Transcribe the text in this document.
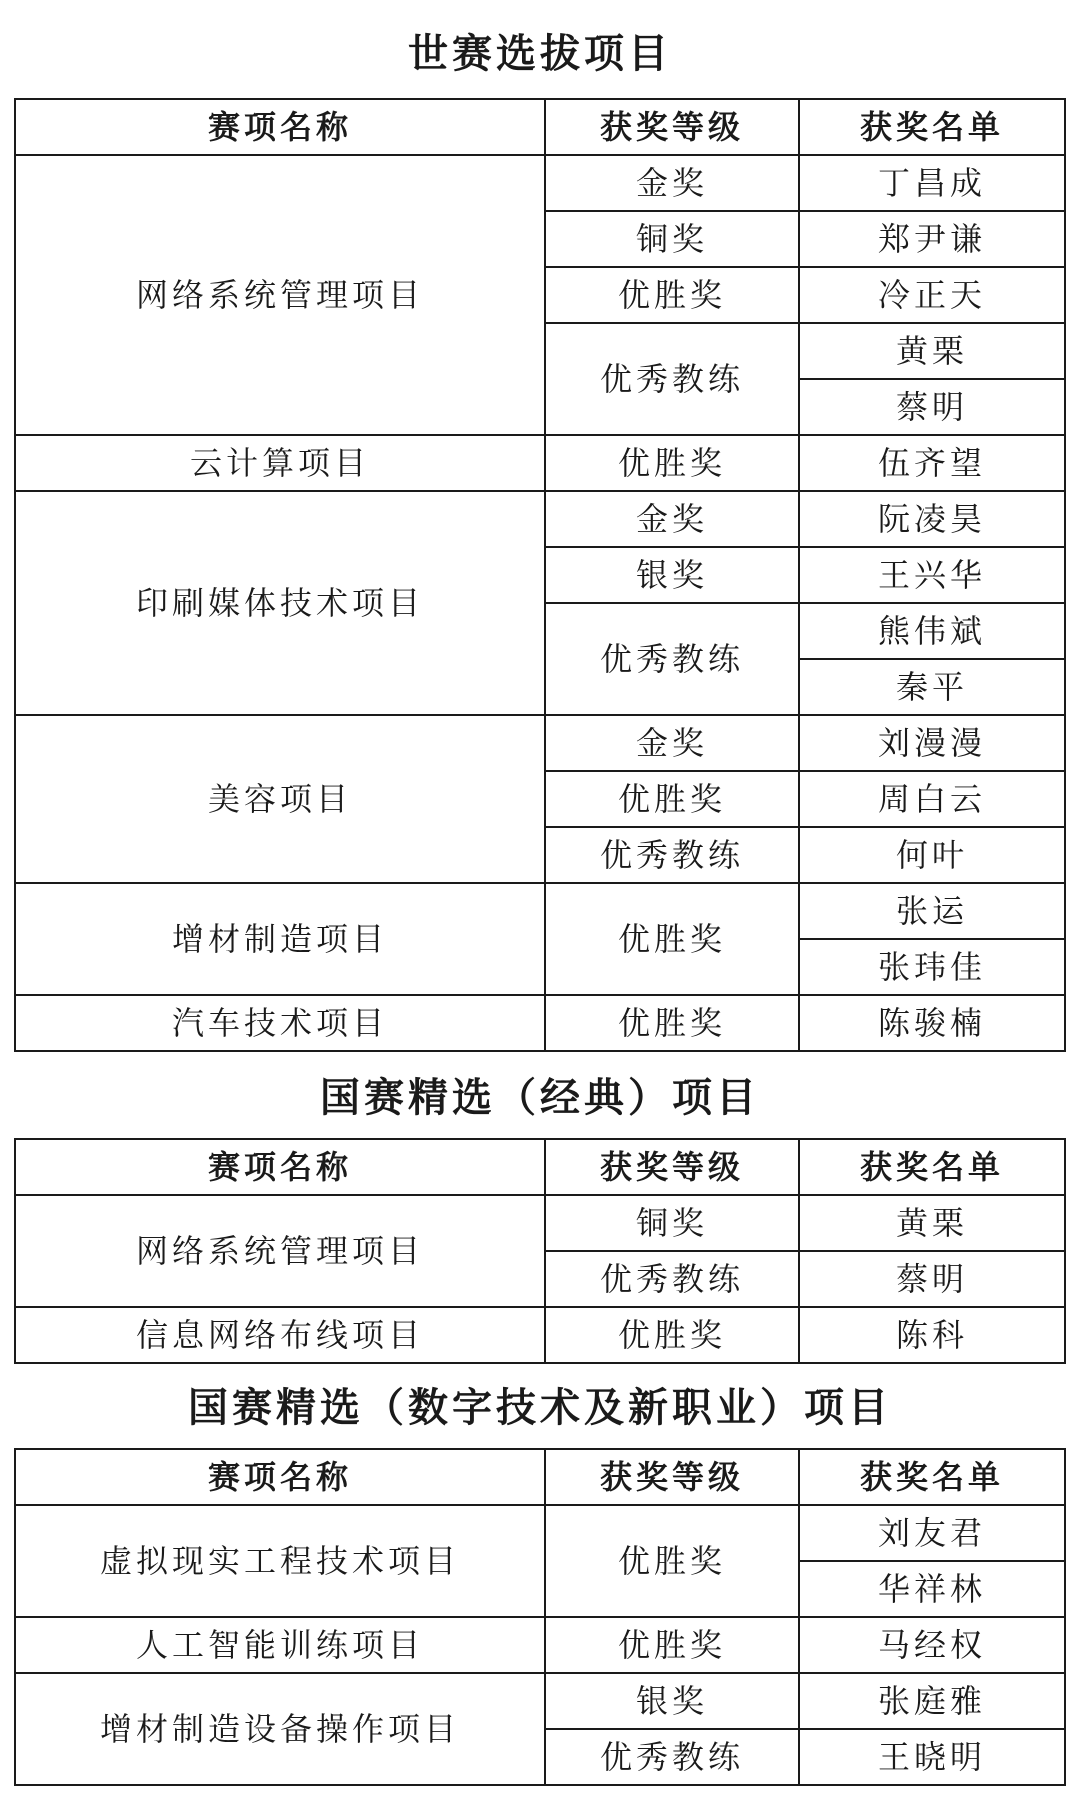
世赛选拔项目
赛项名称	获奖等级	获奖名单
网络系统管理项目	金奖	丁昌成
	铜奖	郑尹谦
	优胜奖	冷正天
	优秀教练	黄栗
		蔡明
云计算项目	优胜奖	伍齐望
印刷媒体技术项目	金奖	阮凌昊
	银奖	王兴华
	优秀教练	熊伟斌
		秦平
美容项目	金奖	刘漫漫
	优胜奖	周白云
	优秀教练	何叶
增材制造项目	优胜奖	张运
		张玮佳
汽车技术项目	优胜奖	陈骏楠
国赛精选（经典）项目
赛项名称	获奖等级	获奖名单
网络系统管理项目	铜奖	黄栗
	优秀教练	蔡明
信息网络布线项目	优胜奖	陈科
国赛精选（数字技术及新职业）项目
赛项名称	获奖等级	获奖名单
虚拟现实工程技术项目	优胜奖	刘友君
		华祥林
人工智能训练项目	优胜奖	马经权
增材制造设备操作项目	银奖	张庭雅
	优秀教练	王晓明
